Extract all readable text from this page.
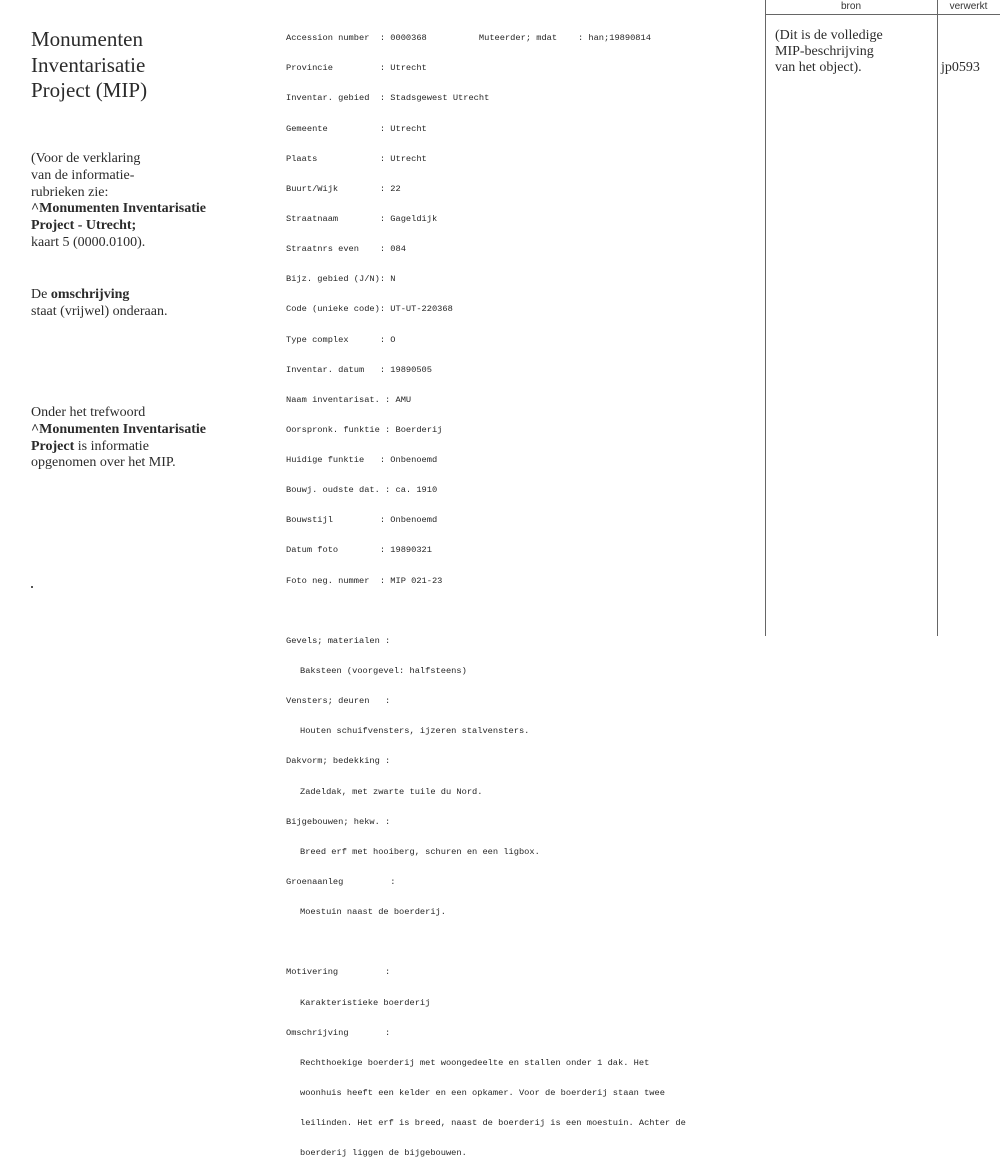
Monumenten
Inventarisatie
Project (MIP)
(Voor de verklaring
van de informatie-
rubrieken zie:
^Monumenten Inventarisatie
Project - Utrecht;
kaart 5 (0000.0100).
De omschrijving
staat (vrijwel) onderaan.
Onder het trefwoord
^Monumenten Inventarisatie
Project is informatie
opgenomen over het MIP.

Accession number  : 0000368          Muteerder; mdat    : han;19890814

Provincie         : Utrecht

Inventar. gebied  : Stadsgewest Utrecht

Gemeente          : Utrecht

Plaats            : Utrecht

Buurt/Wijk        : 22

Straatnaam        : Gageldijk

Straatnrs even    : 084

Bijz. gebied (J/N): N

Code (unieke code): UT-UT-220368

Type complex      : O

Inventar. datum   : 19890505

Naam inventarisat. : AMU

Oorspronk. funktie : Boerderij

Huidige funktie   : Onbenoemd

Bouwj. oudste dat. : ca. 1910

Bouwstijl         : Onbenoemd

Datum foto        : 19890321

Foto neg. nummer  : MIP 021-23

Gevels; materialen :

Baksteen (voorgevel: halfsteens)

Vensters; deuren   :

Houten schuifvensters, ijzeren stalvensters.

Dakvorm; bedekking :

Zadeldak, met zwarte tuile du Nord.

Bijgebouwen; hekw. :

Breed erf met hooiberg, schuren en een ligbox.

Groenaanleg         :

Moestuin naast de boerderij.

Motivering         :

Karakteristieke boerderij

Omschrijving       :

Rechthoekige boerderij met woongedeelte en stallen onder 1 dak. Het

woonhuis heeft een kelder en een opkamer. Voor de boerderij staan twee

leilinden. Het erf is breed, naast de boerderij is een moestuin. Achter de

boerderij liggen de bijgebouwen.

bron	verwerkt
(Dit is de volledige
MIP-beschrijving
van het object).	jp0593
